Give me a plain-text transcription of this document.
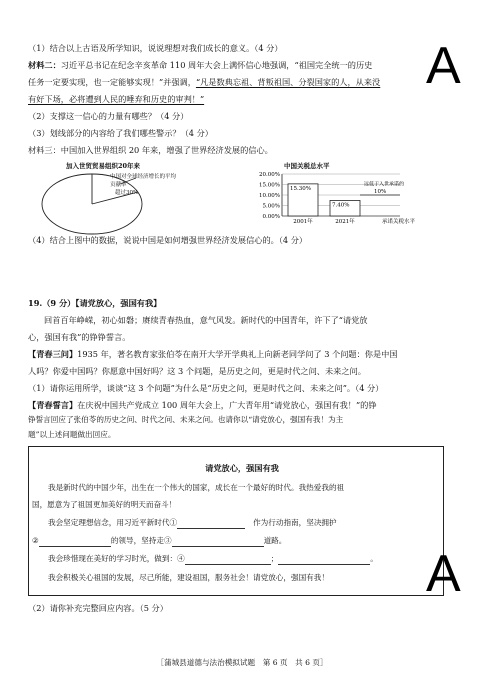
（1）结合以上古语及所学知识，说说理想对我们成长的意义。（4 分）
材料二：习近平总书记在纪念辛亥革命 110 周年大会上满怀信心地强调，“祖国完全统一的历史
任务一定要实现，也一定能够实现！”并强调，“凡是数典忘祖、背叛祖国、分裂国家的人，从来没
有好下场，必将遭到人民的唾弃和历史的审判！”
（2）支撑这一信心的力量有哪些？（4 分）
（3）划线部分的内容给了我们哪些警示？（4 分）
材料三：中国加入世界组织 20 年来，增强了世界经济发展的信心。
加入世贸贸易组织20年来
中国对全球经济增长的平均
贡献率
超过30%
中国关税总水平
20.00%
15.00%
10.00%
5.00%
0.00%
15.30%
2001年
7.40%
2021年
10%
远低于入世承诺的
承诺关税水平
（4）结合上图中的数据，说说中国是如何增强世界经济发展信心的。（4 分）
19.（9 分）【请党放心，强国有我】
回首百年峥嵘，初心如磐；赓续青春热血，意气风发。新时代的中国青年，许下了“请党放
心，强国有我”的铮铮誓言。
【青春三问】1935 年，著名教育家张伯苓在南开大学开学典礼上向新老同学问了 3 个问题：你是中国
人吗？你爱中国吗？你愿意中国好吗？这 3 个问题，是历史之问，更是时代之问、未来之问。
（1）请你运用所学，谈谈“这 3 个问题”为什么是“历史之问，更是时代之问、未来之问”。（4 分）
【青春誓言】在庆祝中国共产党成立 100 周年大会上，广大青年用“请党放心，强国有我！”的铮
铮誓言回应了张伯苓的历史之问、时代之问、未来之问。也请你以“请党放心，强国有我！为主
题”以上述问题做出回应。
请党放心，强国有我
我是新时代的中国少年，出生在一个伟大的国家，成长在一个最好的时代。我热爱我的祖
国，愿意为了祖国更加美好的明天而奋斗！
我会坚定理想信念，用习近平新时代①	作为行动指南，坚决拥护
②	的领导，坚持走③	道路。
我会珍惜现在美好的学习时光，做到：④	；	。
我会积极关心祖国的发展，尽己所能，建设祖国，服务社会！请党放心，强国有我！
（2）请你补充完整回应内容。（5 分）
［蒲城县道德与法治模拟试题　第 6 页　共 6 页］
A
A
